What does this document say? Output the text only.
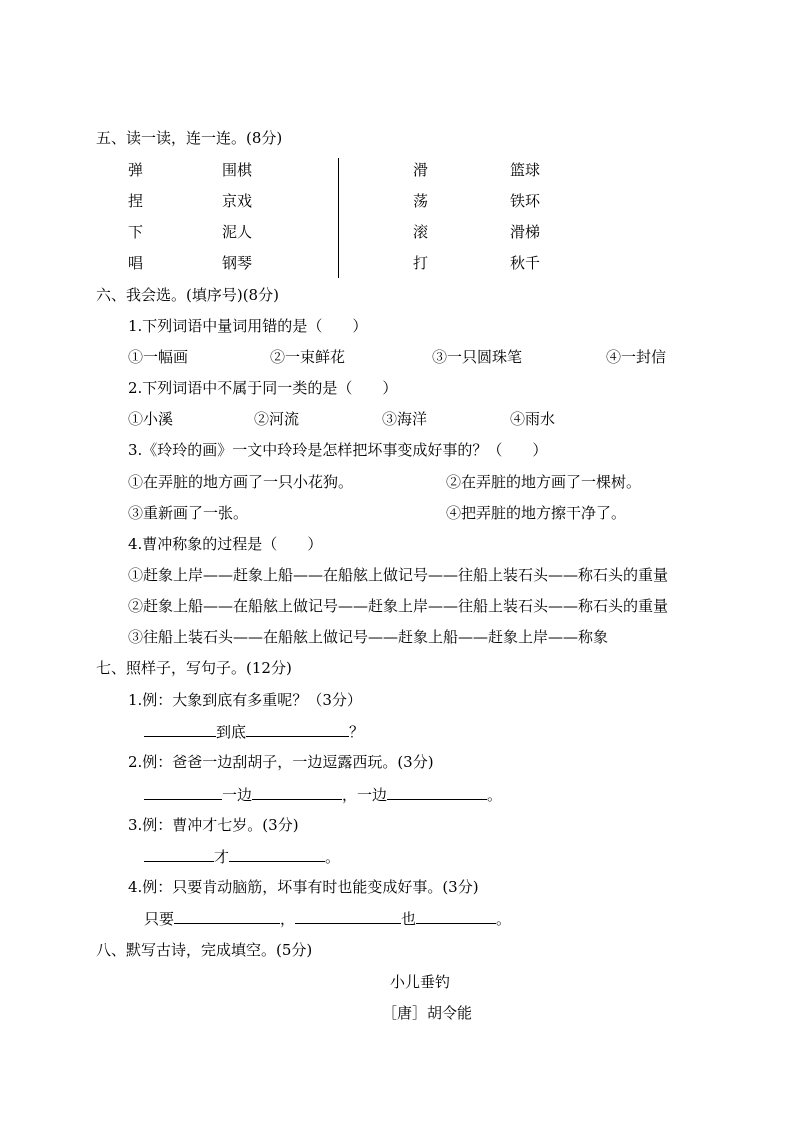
五、读一读，连一连。(8分)
弹	围棋	滑	篮球
捏	京戏	荡	铁环
下	泥人	滚	滑梯
唱	钢琴	打	秋千
六、我会选。(填序号)(8分)
1.下列词语中量词用错的是（　　）
①一幅画	②一束鲜花	③一只圆珠笔	④一封信
2.下列词语中不属于同一类的是（　　）
①小溪	②河流	③海洋	④雨水
3.《玲玲的画》一文中玲玲是怎样把坏事变成好事的？（　　）
①在弄脏的地方画了一只小花狗。	②在弄脏的地方画了一棵树。
③重新画了一张。	④把弄脏的地方擦干净了。
4.曹冲称象的过程是（　　）
①赶象上岸——赶象上船——在船舷上做记号——往船上装石头——称石头的重量
②赶象上船——在船舷上做记号——赶象上岸——往船上装石头——称石头的重量
③往船上装石头——在船舷上做记号——赶象上船——赶象上岸——称象
七、照样子，写句子。(12分)
1.例：大象到底有多重呢？（3分）
到底	？
2.例：爸爸一边刮胡子，一边逗露西玩。(3分)
一边	，一边	。
3.例：曹冲才七岁。(3分)
才	。
4.例：只要肯动脑筋，坏事有时也能变成好事。(3分)
只要	，	也	。
八、默写古诗，完成填空。(5分)
小儿垂钓
［唐］胡令能
